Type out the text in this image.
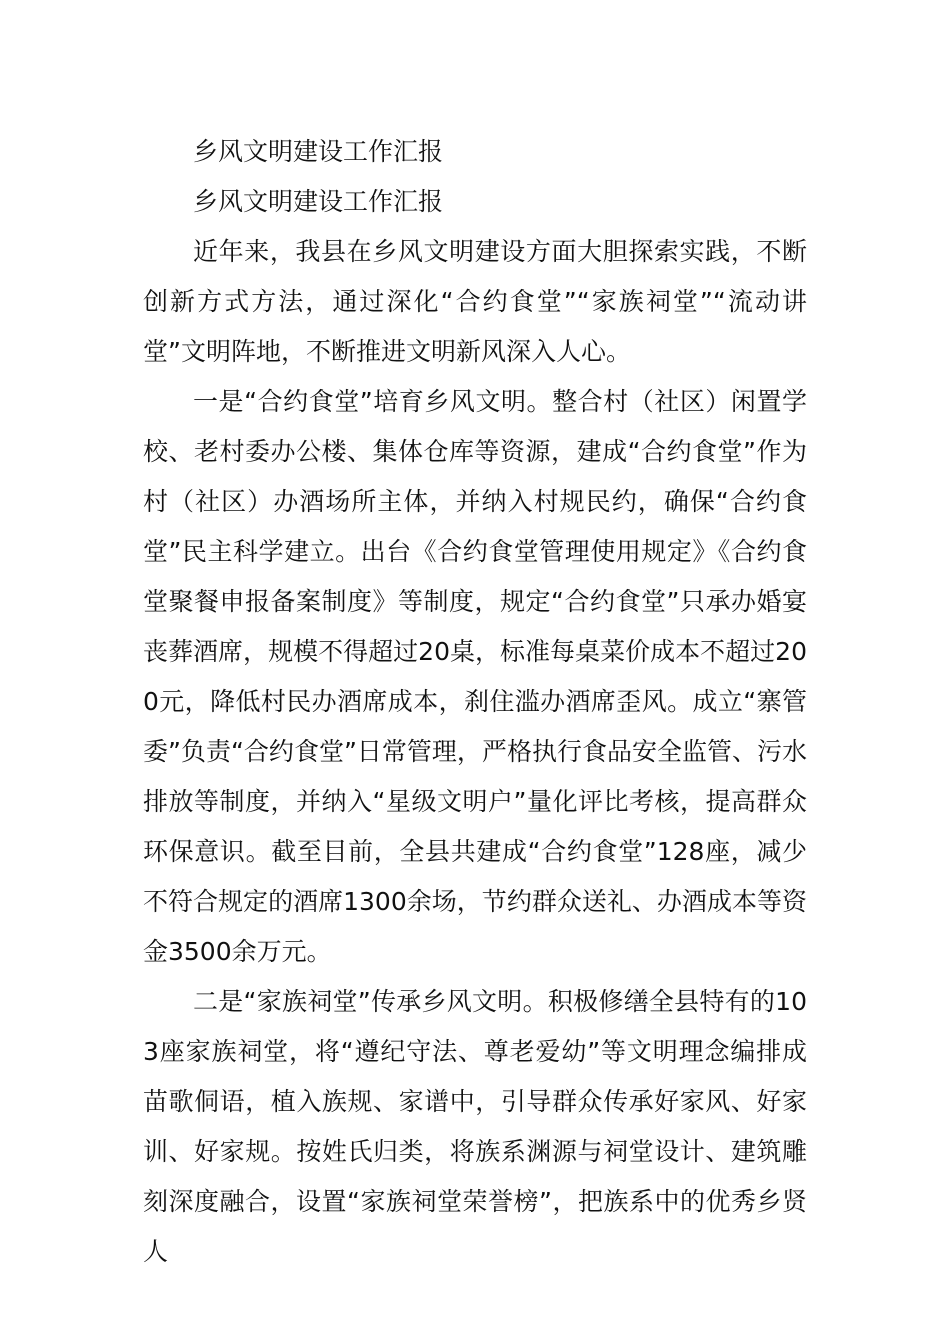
乡风文明建设工作汇报

乡风文明建设工作汇报

近年来，我县在乡风文明建设方面大胆探索实践，不断创新方式方法，通过深化“合约食堂”“家族祠堂”“流动讲堂”文明阵地，不断推进文明新风深入人心。

一是“合约食堂”培育乡风文明。整合村（社区）闲置学校、老村委办公楼、集体仓库等资源，建成“合约食堂”作为村（社区）办酒场所主体，并纳入村规民约，确保“合约食堂”民主科学建立。出台《合约食堂管理使用规定》《合约食堂聚餐申报备案制度》等制度，规定“合约食堂”只承办婚宴丧葬酒席，规模不得超过20桌，标准每桌菜价成本不超过200元，降低村民办酒席成本，刹住滥办酒席歪风。成立“寨管委”负责“合约食堂”日常管理，严格执行食品安全监管、污水排放等制度，并纳入“星级文明户”量化评比考核，提高群众环保意识。截至目前，全县共建成“合约食堂”128座，减少不符合规定的酒席1300余场，节约群众送礼、办酒成本等资金3500余万元。

二是“家族祠堂”传承乡风文明。积极修缮全县特有的103座家族祠堂，将“遵纪守法、尊老爱幼”等文明理念编排成苗歌侗语，植入族规、家谱中，引导群众传承好家风、好家训、好家规。按姓氏归类，将族系渊源与祠堂设计、建筑雕刻深度融合，设置“家族祠堂荣誉榜”，把族系中的优秀乡贤人
